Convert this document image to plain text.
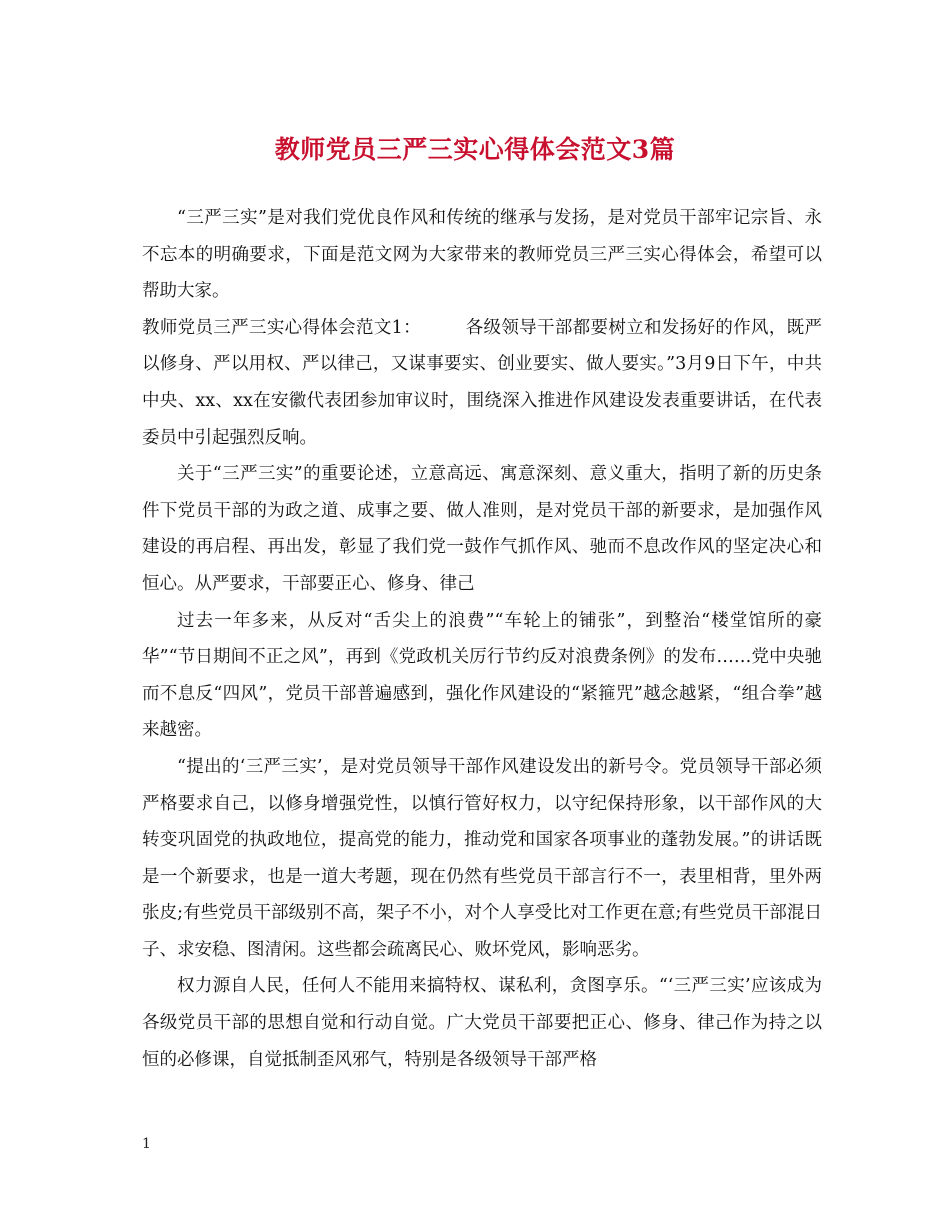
教师党员三严三实心得体会范文3篇

“三严三实”是对我们党优良作风和传统的继承与发扬，是对党员干部牢记宗旨、永不忘本的明确要求，下面是范文网为大家带来的教师党员三严三实心得体会，希望可以帮助大家。

教师党员三严三实心得体会范文1：　　　各级领导干部都要树立和发扬好的作风，既严以修身、严以用权、严以律己，又谋事要实、创业要实、做人要实。”3月9日下午，中共中央、xx、xx在安徽代表团参加审议时，围绕深入推进作风建设发表重要讲话，在代表委员中引起强烈反响。

关于“三严三实”的重要论述，立意高远、寓意深刻、意义重大，指明了新的历史条件下党员干部的为政之道、成事之要、做人准则，是对党员干部的新要求，是加强作风建设的再启程、再出发，彰显了我们党一鼓作气抓作风、驰而不息改作风的坚定决心和恒心。从严要求，干部要正心、修身、律己

过去一年多来，从反对“舌尖上的浪费”“车轮上的铺张”，到整治“楼堂馆所的豪华”“节日期间不正之风”，再到《党政机关厉行节约反对浪费条例》的发布……党中央驰而不息反“四风”，党员干部普遍感到，强化作风建设的“紧箍咒”越念越紧，“组合拳”越来越密。

“提出的‘三严三实’，是对党员领导干部作风建设发出的新号令。党员领导干部必须严格要求自己，以修身增强党性，以慎行管好权力，以守纪保持形象，以干部作风的大转变巩固党的执政地位，提高党的能力，推动党和国家各项事业的蓬勃发展。”的讲话既是一个新要求，也是一道大考题，现在仍然有些党员干部言行不一，表里相背，里外两张皮;有些党员干部级别不高，架子不小，对个人享受比对工作更在意;有些党员干部混日子、求安稳、图清闲。这些都会疏离民心、败坏党风，影响恶劣。

权力源自人民，任何人不能用来搞特权、谋私利，贪图享乐。“‘三严三实’应该成为各级党员干部的思想自觉和行动自觉。广大党员干部要把正心、修身、律己作为持之以恒的必修课，自觉抵制歪风邪气，特别是各级领导干部严格

1
